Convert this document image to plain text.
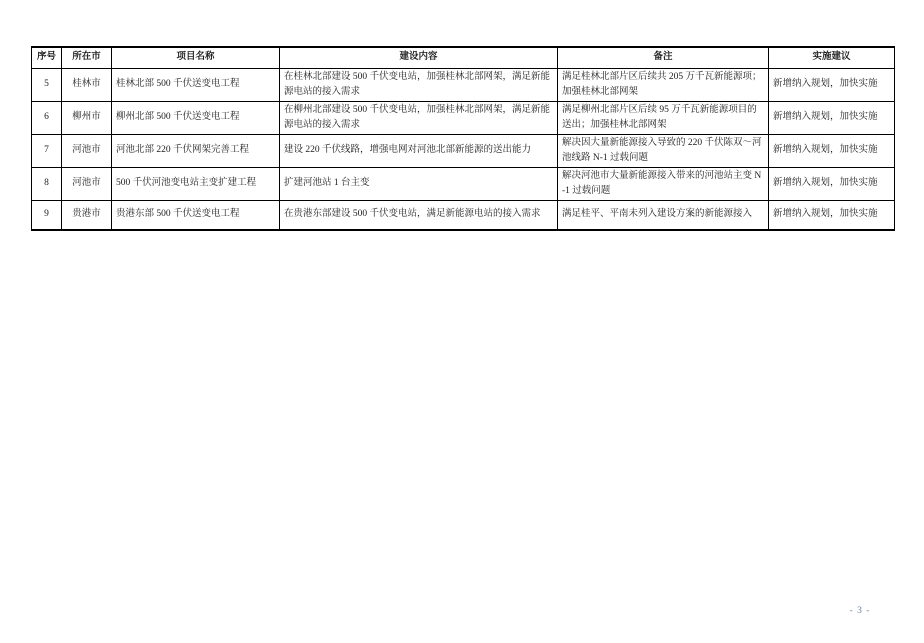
序号	所在市	项目名称	建设内容	备注	实施建议
5	桂林市	桂林北部 500 千伏送变电工程	在桂林北部建设 500 千伏变电站，加强桂林北部网架，满足新能源电站的接入需求	满足桂林北部片区后续共 205 万千瓦新能源项；加强桂林北部网架	新增纳入规划，加快实施
6	柳州市	柳州北部 500 千伏送变电工程	在柳州北部建设 500 千伏变电站，加强桂林北部网架，满足新能源电站的接入需求	满足柳州北部片区后续 95 万千瓦新能源项目的送出；加强桂林北部网架	新增纳入规划，加快实施
7	河池市	河池北部 220 千伏网架完善工程	建设 220 千伏线路，增强电网对河池北部新能源的送出能力	解决因大量新能源接入导致的 220 千伏陈双～河池线路 N-1 过载问题	新增纳入规划，加快实施
8	河池市	500 千伏河池变电站主变扩建工程	扩建河池站 1 台主变	解决河池市大量新能源接入带来的河池站主变 N-1 过载问题	新增纳入规划，加快实施
9	贵港市	贵港东部 500 千伏送变电工程	在贵港东部建设 500 千伏变电站，满足新能源电站的接入需求	满足桂平、平南未列入建设方案的新能源接入	新增纳入规划，加快实施
- 3 -
